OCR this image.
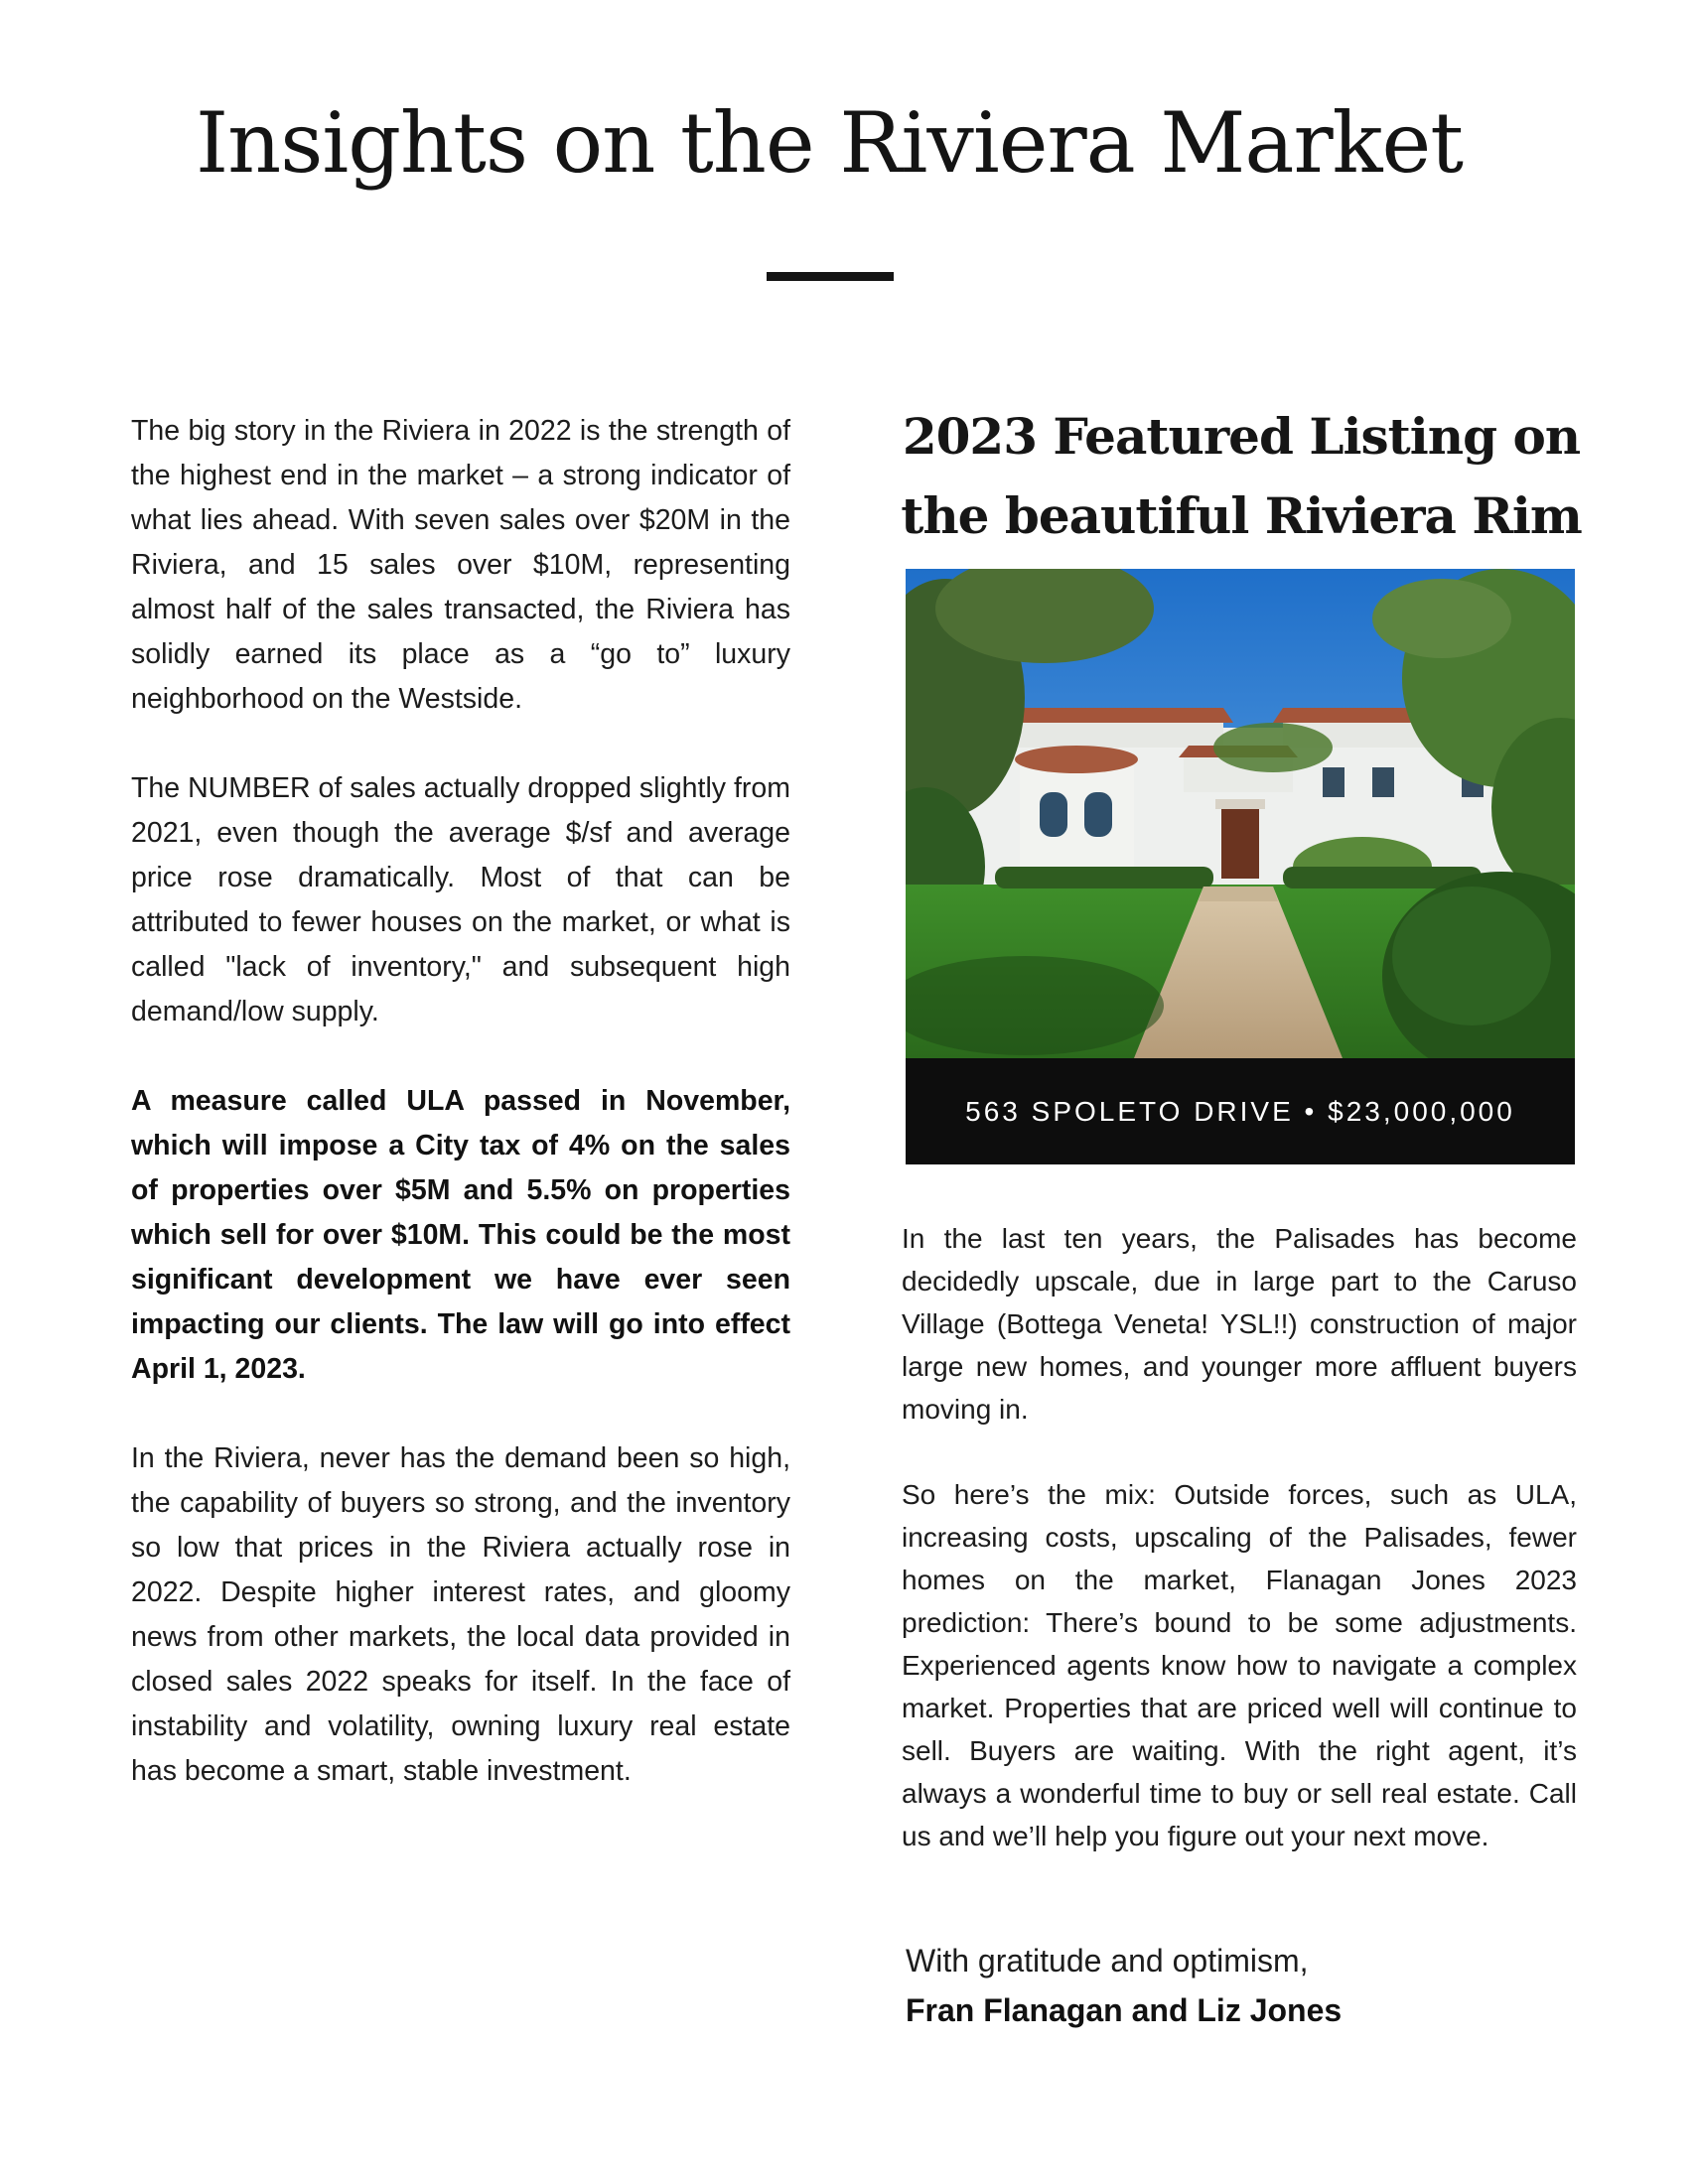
Insights on the Riviera Market

The big story in the Riviera in 2022 is the strength of the highest end in the market – a strong indicator of what lies ahead. With seven sales over $20M in the Riviera, and 15 sales over $10M, representing almost half of the sales transacted, the Riviera has solidly earned its place as a “go to” luxury neighborhood on the Westside.

The NUMBER of sales actually dropped slightly from 2021, even though the average $/sf and average price rose dramatically. Most of that can be attributed to fewer houses on the market, or what is called "lack of inventory," and subsequent high demand/low supply.

A measure called ULA passed in November, which will impose a City tax of 4% on the sales of properties over $5M and 5.5% on properties which sell for over $10M. This could be the most significant development we have ever seen impacting our clients. The law will go into effect April 1, 2023.

In the Riviera, never has the demand been so high, the capability of buyers so strong, and the inventory so low that prices in the Riviera actually rose in 2022. Despite higher interest rates, and gloomy news from other markets, the local data provided in closed sales 2022 speaks for itself. In the face of instability and volatility, owning luxury real estate has become a smart, stable investment.

2023 Featured Listing on
the beautiful Riviera Rim
563 SPOLETO DRIVE • $23,000,000

In the last ten years, the Palisades has become decidedly upscale, due in large part to the Caruso Village (Bottega Veneta! YSL!!) construction of major large new homes, and younger more affluent buyers moving in.

So here’s the mix: Outside forces, such as ULA, increasing costs, upscaling of the Palisades, fewer homes on the market, Flanagan Jones 2023 prediction: There’s bound to be some adjustments. Experienced agents know how to navigate a complex market. Properties that are priced well will continue to sell. Buyers are waiting. With the right agent, it’s always a wonderful time to buy or sell real estate. Call us and we’ll help you figure out your next move.

With gratitude and optimism,
Fran Flanagan and Liz Jones
